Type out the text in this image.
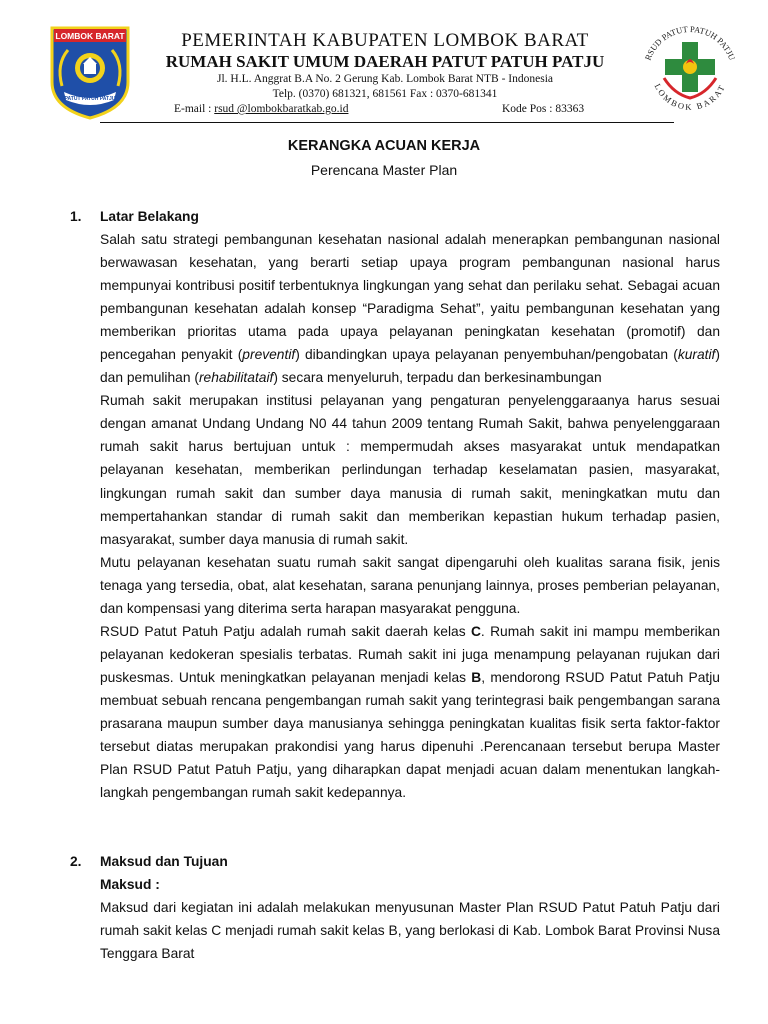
LOMBOK BARAT
PATUT PATUH PATJU
PEMERINTAH KABUPATEN LOMBOK BARAT
RUMAH SAKIT UMUM DAERAH PATUT PATUH PATJU
Jl. H.L. Anggrat B.A No. 2 Gerung Kab. Lombok Barat NTB - Indonesia
Telp. (0370) 681321, 681561 Fax : 0370-681341
E-mail : rsud @lombokbaratkab.go.id	Kode Pos : 83363
RSUD PATUT PATUH PATJU
LOMBOK BARAT
KERANGKA ACUAN KERJA
Perencana Master Plan
1.	Latar Belakang

Salah satu strategi pembangunan kesehatan nasional adalah menerapkan pembangunan nasional berwawasan kesehatan, yang berarti setiap upaya program pembangunan nasional harus mempunyai kontribusi positif terbentuknya lingkungan yang sehat dan perilaku sehat. Sebagai acuan pembangunan kesehatan adalah konsep “Paradigma Sehat”, yaitu pembangunan kesehatan yang memberikan prioritas utama pada upaya pelayanan peningkatan kesehatan (promotif) dan pencegahan penyakit (preventif) dibandingkan upaya pelayanan penyembuhan/pengobatan (kuratif) dan pemulihan (rehabilitataif) secara menyeluruh, terpadu dan berkesinambungan

Rumah sakit merupakan institusi pelayanan yang pengaturan penyelenggaraanya harus sesuai dengan amanat Undang Undang N0 44 tahun 2009 tentang Rumah Sakit, bahwa penyelenggaraan rumah sakit harus bertujuan untuk : mempermudah akses masyarakat untuk mendapatkan pelayanan kesehatan, memberikan perlindungan terhadap keselamatan pasien, masyarakat, lingkungan rumah sakit dan sumber daya manusia di rumah sakit, meningkatkan mutu dan mempertahankan standar di rumah sakit dan memberikan kepastian hukum terhadap pasien, masyarakat, sumber daya manusia di rumah sakit.

Mutu pelayanan kesehatan suatu rumah sakit sangat dipengaruhi oleh kualitas sarana fisik, jenis tenaga yang tersedia, obat, alat kesehatan, sarana penunjang lainnya, proses pemberian pelayanan, dan kompensasi yang diterima serta harapan masyarakat pengguna.

RSUD Patut Patuh Patju adalah rumah sakit daerah kelas C. Rumah sakit ini mampu memberikan pelayanan kedokeran spesialis terbatas. Rumah sakit ini juga menampung pelayanan rujukan dari puskesmas. Untuk meningkatkan pelayanan menjadi kelas B, mendorong RSUD Patut Patuh Patju membuat sebuah rencana pengembangan rumah sakit yang terintegrasi baik pengembangan sarana prasarana maupun sumber daya manusianya sehingga peningkatan kualitas fisik serta faktor-faktor tersebut diatas merupakan prakondisi yang harus dipenuhi .Perencanaan tersebut berupa Master Plan RSUD Patut Patuh Patju, yang diharapkan dapat menjadi acuan dalam menentukan langkah-langkah pengembangan rumah sakit kedepannya.

2.	Maksud dan Tujuan
Maksud :

Maksud dari kegiatan ini adalah melakukan menyusunan Master Plan RSUD Patut Patuh Patju dari rumah sakit kelas C menjadi rumah sakit kelas B, yang berlokasi di Kab. Lombok Barat Provinsi Nusa Tenggara Barat
